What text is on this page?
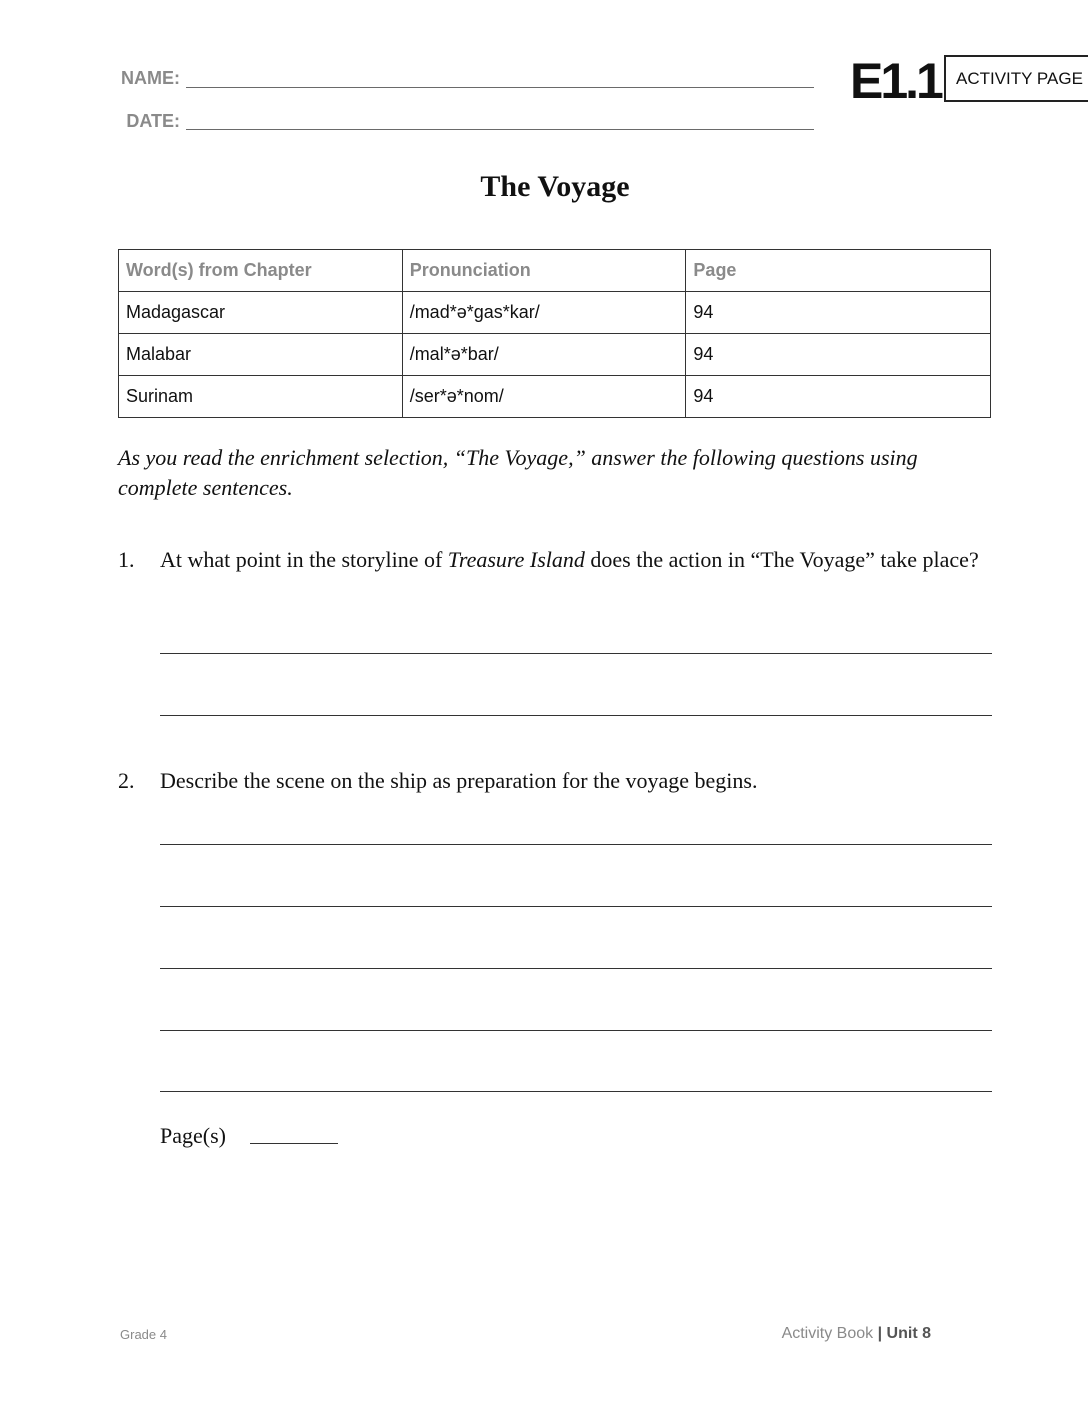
NAME:
DATE:
E1.1 ACTIVITY PAGE
The Voyage
Word(s) from Chapter	Pronunciation	Page
Madagascar	/mad*ə*gas*kar/	94
Malabar	/mal*ə*bar/	94
Surinam	/ser*ə*nom/	94
As you read the enrichment selection, “The Voyage,” answer the following questions using complete sentences.
1. At what point in the storyline of Treasure Island does the action in “The Voyage” take place?
2. Describe the scene on the ship as preparation for the voyage begins.
Page(s)
Grade 4	Activity Book | Unit 8
